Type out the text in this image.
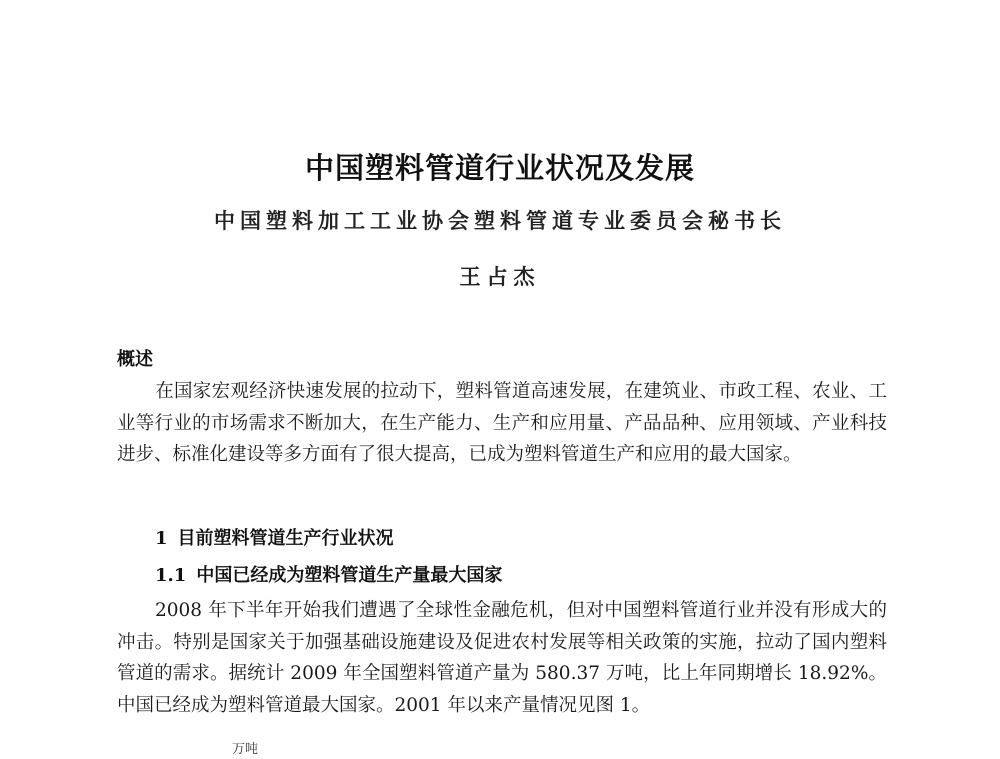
中国塑料管道行业状况及发展
中国塑料加工工业协会塑料管道专业委员会秘书长
王占杰
概述

在国家宏观经济快速发展的拉动下，塑料管道高速发展，在建筑业、市政工程、农业、工业等行业的市场需求不断加大，在生产能力、生产和应用量、产品品种、应用领域、产业科技进步、标准化建设等多方面有了很大提高，已成为塑料管道生产和应用的最大国家。

1 目前塑料管道生产行业状况
1.1 中国已经成为塑料管道生产量最大国家

2008 年下半年开始我们遭遇了全球性金融危机，但对中国塑料管道行业并没有形成大的冲击。特别是国家关于加强基础设施建设及促进农村发展等相关政策的实施，拉动了国内塑料管道的需求。据统计 2009 年全国塑料管道产量为 580.37 万吨，比上年同期增长 18.92%。中国已经成为塑料管道最大国家。2001 年以来产量情况见图 1。

万吨
